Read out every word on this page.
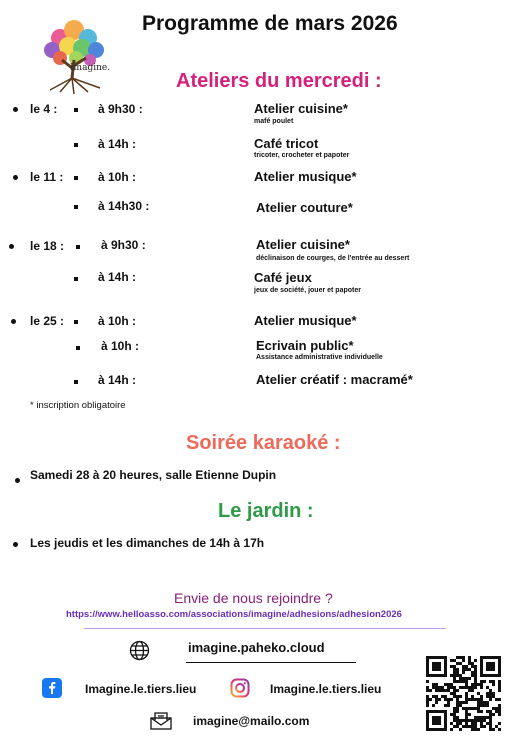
Imagine.
Programme de mars 2026
Ateliers du mercredi :
le 4 :	à 9h30 :	Atelier cuisine*
mafé poulet
à 14h :	Café tricot
tricoter, crocheter et papoter
le 11 :	à 10h :	Atelier musique*
à 14h30 :	Atelier couture*
le 18 :	à 9h30 :	Atelier cuisine*
déclinaison de courges, de l'entrée au dessert
à 14h :	Café jeux
jeux de société, jouer et papoter
le 25 :	à 10h :	Atelier musique*
à 10h :	Ecrivain public*
Assistance administrative individuelle
à 14h :	Atelier créatif : macramé*
* inscription obligatoire
Soirée karaoké :
Samedi 28 à 20 heures, salle Etienne Dupin
Le jardin :
Les jeudis et les dimanches de 14h à 17h
Envie de nous rejoindre ?
https://www.helloasso.com/associations/imagine/adhesions/adhesion2026
imagine.paheko.cloud
Imagine.le.tiers.lieu	Imagine.le.tiers.lieu
imagine@mailo.com
